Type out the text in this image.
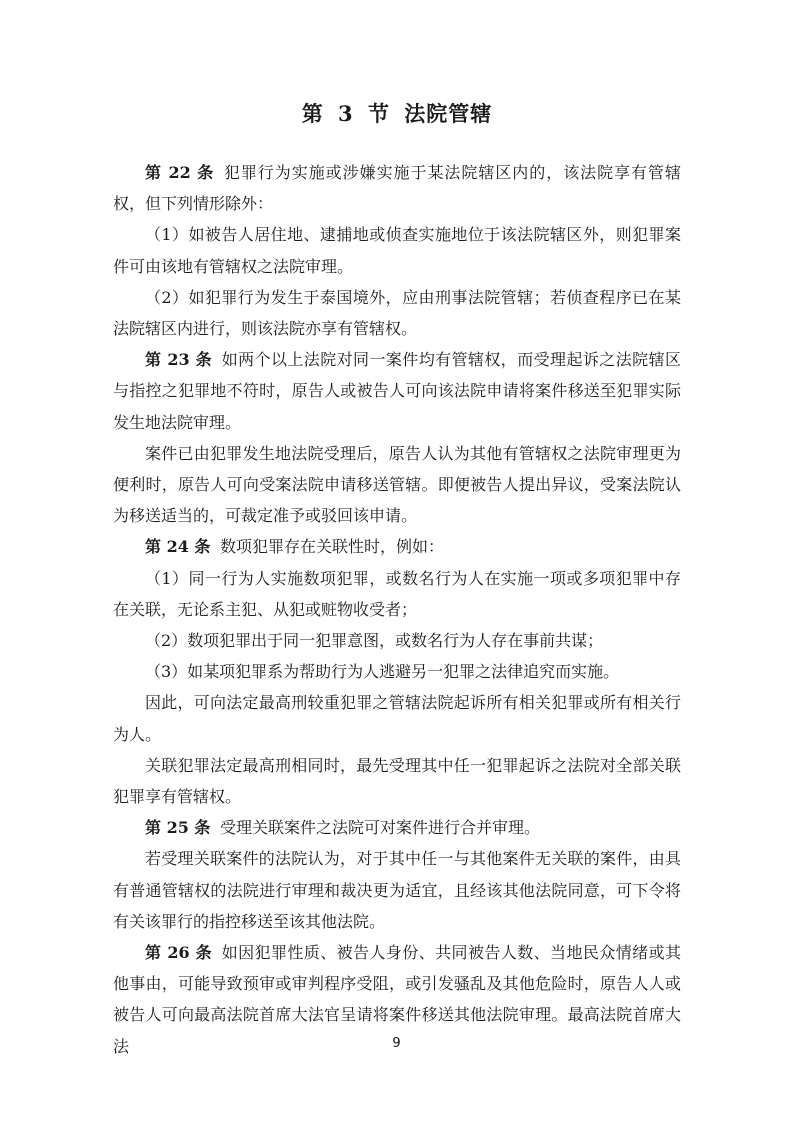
第 3 节 法院管辖

第 22 条 犯罪行为实施或涉嫌实施于某法院辖区内的，该法院享有管辖权，但下列情形除外：

（1）如被告人居住地、逮捕地或侦查实施地位于该法院辖区外，则犯罪案件可由该地有管辖权之法院审理。

（2）如犯罪行为发生于泰国境外，应由刑事法院管辖；若侦查程序已在某法院辖区内进行，则该法院亦享有管辖权。

第 23 条 如两个以上法院对同一案件均有管辖权，而受理起诉之法院辖区与指控之犯罪地不符时，原告人或被告人可向该法院申请将案件移送至犯罪实际发生地法院审理。

案件已由犯罪发生地法院受理后，原告人认为其他有管辖权之法院审理更为便利时，原告人可向受案法院申请移送管辖。即便被告人提出异议，受案法院认为移送适当的，可裁定准予或驳回该申请。

第 24 条 数项犯罪存在关联性时，例如：

（1）同一行为人实施数项犯罪，或数名行为人在实施一项或多项犯罪中存在关联，无论系主犯、从犯或赃物收受者；

（2）数项犯罪出于同一犯罪意图，或数名行为人存在事前共谋；

（3）如某项犯罪系为帮助行为人逃避另一犯罪之法律追究而实施。

因此，可向法定最高刑较重犯罪之管辖法院起诉所有相关犯罪或所有相关行为人。

关联犯罪法定最高刑相同时，最先受理其中任一犯罪起诉之法院对全部关联犯罪享有管辖权。

第 25 条 受理关联案件之法院可对案件进行合并审理。

若受理关联案件的法院认为，对于其中任一与其他案件无关联的案件，由具有普通管辖权的法院进行审理和裁决更为适宜，且经该其他法院同意，可下令将有关该罪行的指控移送至该其他法院。

第 26 条 如因犯罪性质、被告人身份、共同被告人数、当地民众情绪或其他事由，可能导致预审或审判程序受阻，或引发骚乱及其他危险时，原告人人或被告人可向最高法院首席大法官呈请将案件移送其他法院审理。最高法院首席大法	9
